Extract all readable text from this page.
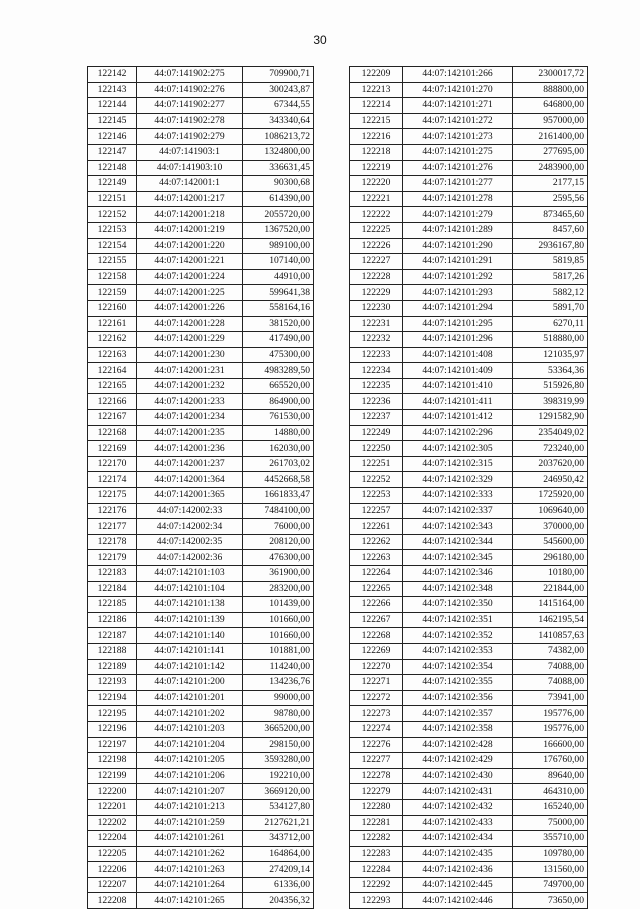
30
122142	44:07:141902:275	709900,71
122143	44:07:141902:276	300243,87
122144	44:07:141902:277	67344,55
122145	44:07:141902:278	343340,64
122146	44:07:141902:279	1086213,72
122147	44:07:141903:1	1324800,00
122148	44:07:141903:10	336631,45
122149	44:07:142001:1	90300,68
122151	44:07:142001:217	614390,00
122152	44:07:142001:218	2055720,00
122153	44:07:142001:219	1367520,00
122154	44:07:142001:220	989100,00
122155	44:07:142001:221	107140,00
122158	44:07:142001:224	44910,00
122159	44:07:142001:225	599641,38
122160	44:07:142001:226	558164,16
122161	44:07:142001:228	381520,00
122162	44:07:142001:229	417490,00
122163	44:07:142001:230	475300,00
122164	44:07:142001:231	4983289,50
122165	44:07:142001:232	665520,00
122166	44:07:142001:233	864900,00
122167	44:07:142001:234	761530,00
122168	44:07:142001:235	14880,00
122169	44:07:142001:236	162030,00
122170	44:07:142001:237	261703,02
122174	44:07:142001:364	4452668,58
122175	44:07:142001:365	1661833,47
122176	44:07:142002:33	7484100,00
122177	44:07:142002:34	76000,00
122178	44:07:142002:35	208120,00
122179	44:07:142002:36	476300,00
122183	44:07:142101:103	361900,00
122184	44:07:142101:104	283200,00
122185	44:07:142101:138	101439,00
122186	44:07:142101:139	101660,00
122187	44:07:142101:140	101660,00
122188	44:07:142101:141	101881,00
122189	44:07:142101:142	114240,00
122193	44:07:142101:200	134236,76
122194	44:07:142101:201	99000,00
122195	44:07:142101:202	98780,00
122196	44:07:142101:203	3665200,00
122197	44:07:142101:204	298150,00
122198	44:07:142101:205	3593280,00
122199	44:07:142101:206	192210,00
122200	44:07:142101:207	3669120,00
122201	44:07:142101:213	534127,80
122202	44:07:142101:259	2127621,21
122204	44:07:142101:261	343712,00
122205	44:07:142101:262	164864,00
122206	44:07:142101:263	274209,14
122207	44:07:142101:264	61336,00
122208	44:07:142101:265	204356,32
122209	44:07:142101:266	2300017,72
122213	44:07:142101:270	888800,00
122214	44:07:142101:271	646800,00
122215	44:07:142101:272	957000,00
122216	44:07:142101:273	2161400,00
122218	44:07:142101:275	277695,00
122219	44:07:142101:276	2483900,00
122220	44:07:142101:277	2177,15
122221	44:07:142101:278	2595,56
122222	44:07:142101:279	873465,60
122225	44:07:142101:289	8457,60
122226	44:07:142101:290	2936167,80
122227	44:07:142101:291	5819,85
122228	44:07:142101:292	5817,26
122229	44:07:142101:293	5882,12
122230	44:07:142101:294	5891,70
122231	44:07:142101:295	6270,11
122232	44:07:142101:296	518880,00
122233	44:07:142101:408	121035,97
122234	44:07:142101:409	53364,36
122235	44:07:142101:410	515926,80
122236	44:07:142101:411	398319,99
122237	44:07:142101:412	1291582,90
122249	44:07:142102:296	2354049,02
122250	44:07:142102:305	723240,00
122251	44:07:142102:315	2037620,00
122252	44:07:142102:329	246950,42
122253	44:07:142102:333	1725920,00
122257	44:07:142102:337	1069640,00
122261	44:07:142102:343	370000,00
122262	44:07:142102:344	545600,00
122263	44:07:142102:345	296180,00
122264	44:07:142102:346	10180,00
122265	44:07:142102:348	221844,00
122266	44:07:142102:350	1415164,00
122267	44:07:142102:351	1462195,54
122268	44:07:142102:352	1410857,63
122269	44:07:142102:353	74382,00
122270	44:07:142102:354	74088,00
122271	44:07:142102:355	74088,00
122272	44:07:142102:356	73941,00
122273	44:07:142102:357	195776,00
122274	44:07:142102:358	195776,00
122276	44:07:142102:428	166600,00
122277	44:07:142102:429	176760,00
122278	44:07:142102:430	89640,00
122279	44:07:142102:431	464310,00
122280	44:07:142102:432	165240,00
122281	44:07:142102:433	75000,00
122282	44:07:142102:434	355710,00
122283	44:07:142102:435	109780,00
122284	44:07:142102:436	131560,00
122292	44:07:142102:445	749700,00
122293	44:07:142102:446	73650,00
